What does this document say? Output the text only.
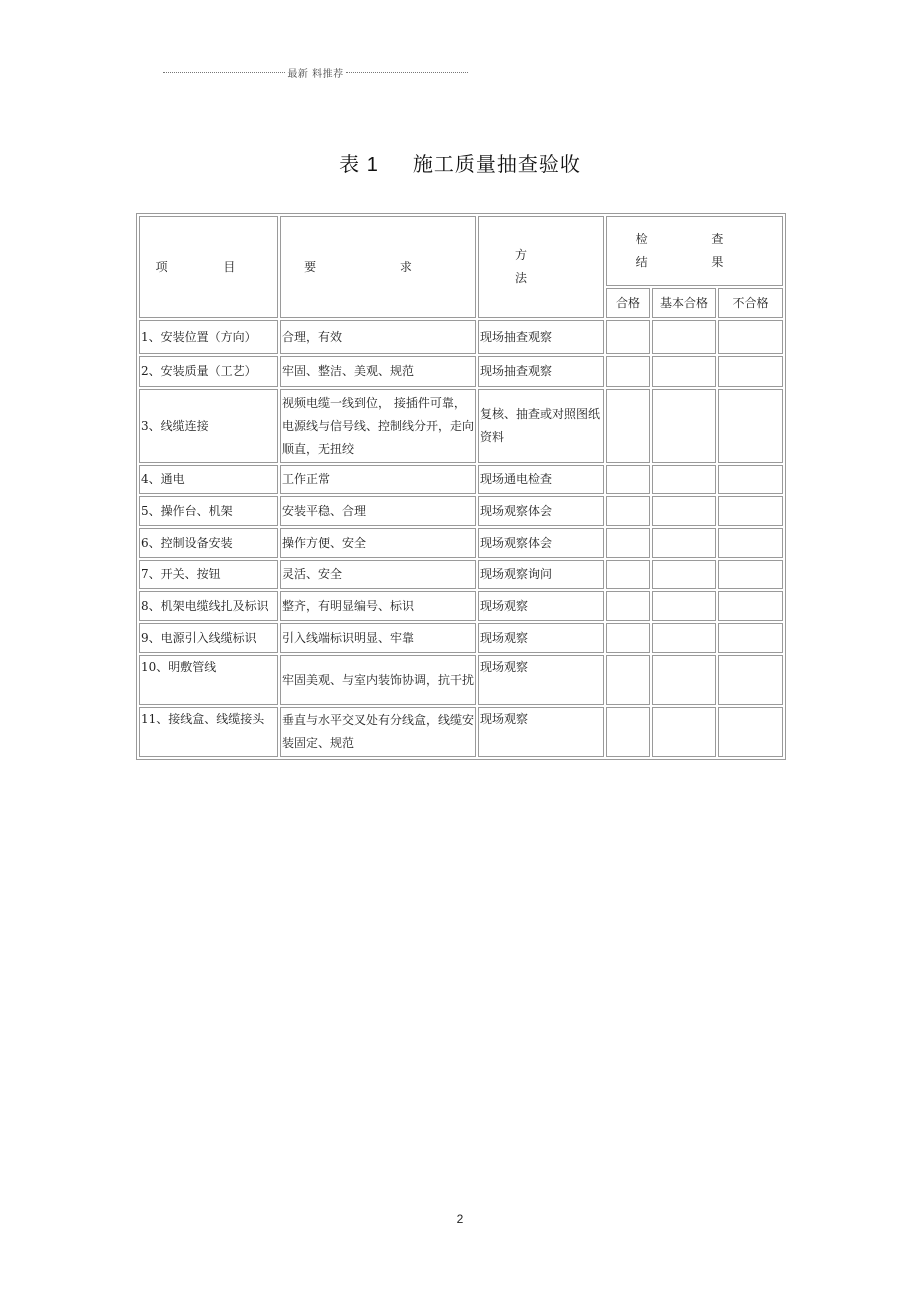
最新 料推荐
表 1 施工质量抽查验收
项 目	要 求	方 法	检 查 结 果		
			合格	基本合格	不合格
1、安装位置（方向）	合理，有效	现场抽查观察			
2、安装质量（工艺）	牢固、整洁、美观、规范	现场抽查观察			
3、线缆连接	视频电缆一线到位， 接插件可靠，电源线与信号线、控制线分开，走向顺直，无扭绞	复核、抽查或对照图纸资料			
4、通电	工作正常	现场通电检查			
5、操作台、机架	安装平稳、合理	现场观察体会			
6、控制设备安装	操作方便、安全	现场观察体会			
7、开关、按钮	灵活、安全	现场观察询问			
8、机架电缆线扎及标识	整齐，有明显编号、标识	现场观察			
9、电源引入线缆标识	引入线端标识明显、牢靠	现场观察			
10、明敷管线	牢固美观、与室内装饰协调，抗干扰	现场观察			
11、接线盒、线缆接头	垂直与水平交叉处有分线盒，线缆安装固定、规范	现场观察			
2
